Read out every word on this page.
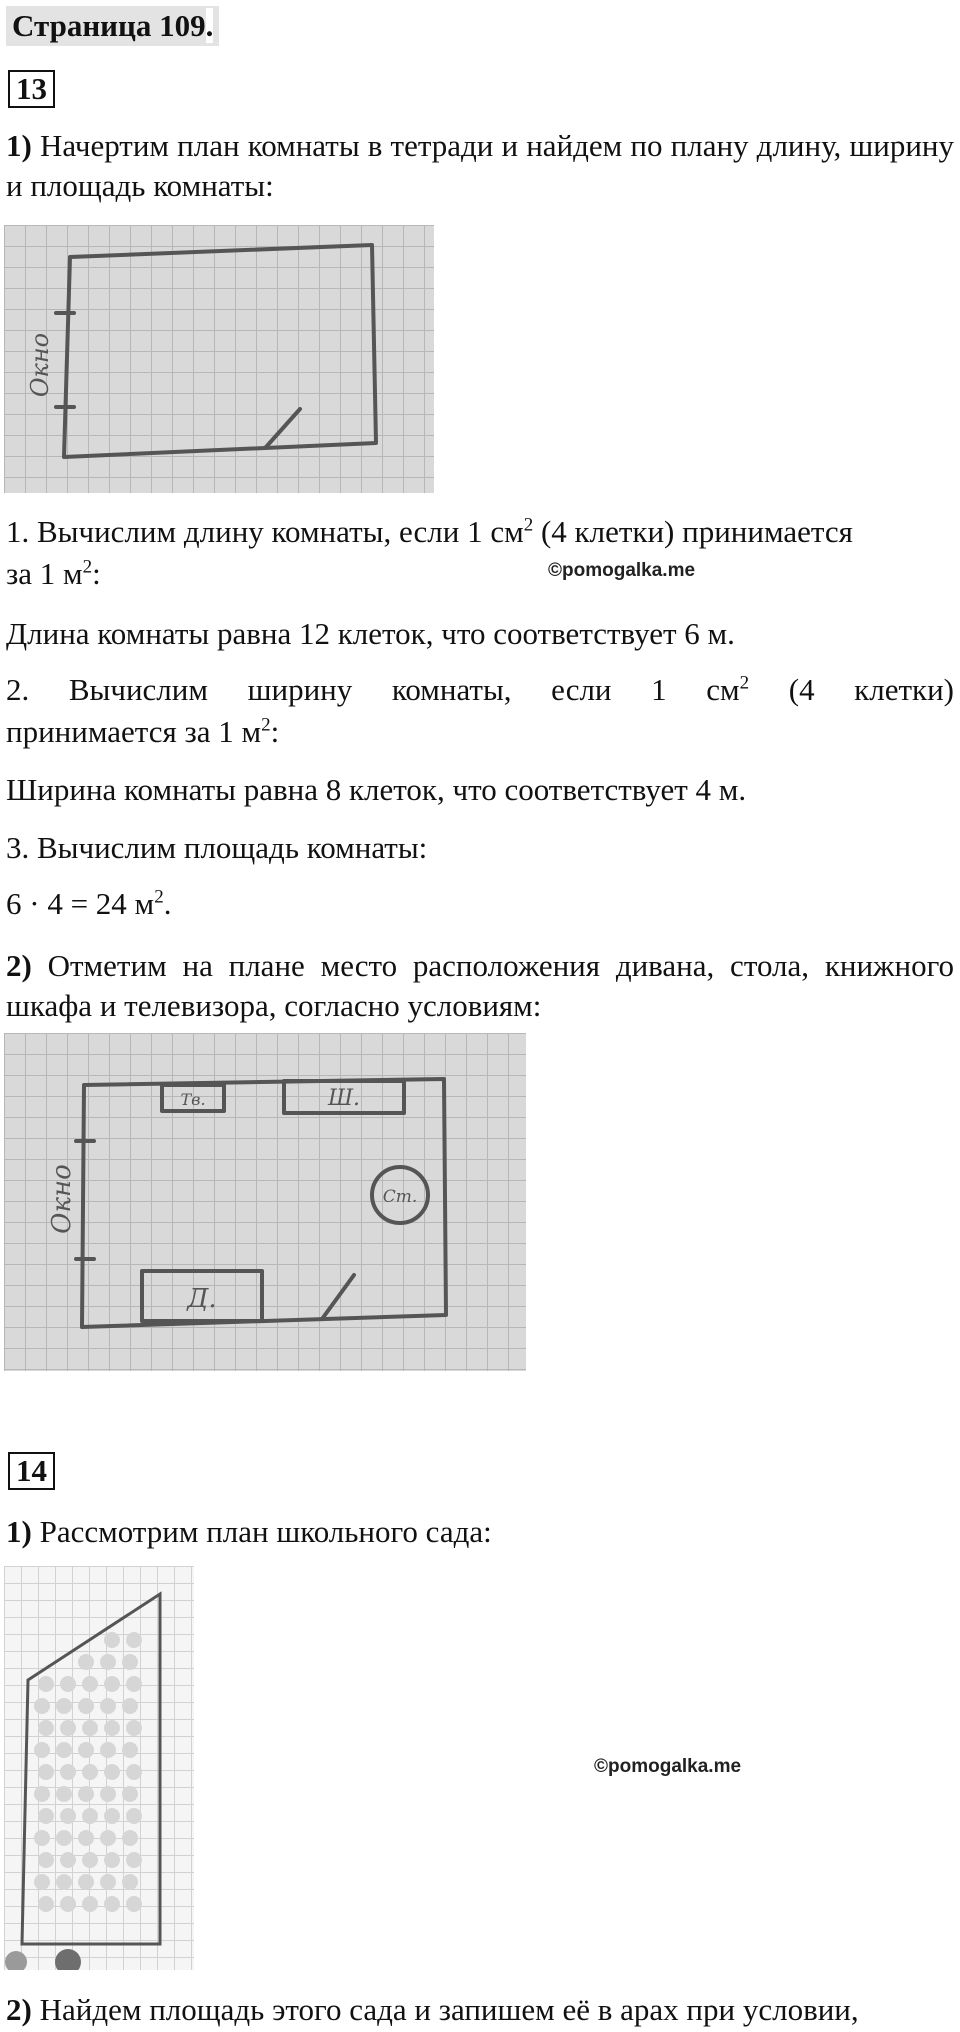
Страница 109.
13
1) Начертим план комнаты в тетради и найдем по плану длину, ширину и площадь комнаты:
Окно
1. Вычислим длину комнаты, если 1 $см^2$ (4 клетки) принимается
за 1 $м^2$:	©pomogalka.me
Длина комнаты равна 12 клеток, что соответствует 6 м.
2. Вычислим ширину комнаты, если 1 $см^2$ (4 клетки)
принимается за 1 $м^2$:
Ширина комнаты равна 8 клеток, что соответствует 4 м.
3. Вычислим площадь комнаты:
6 · 4 = 24 $м^2$.
2) Отметим на плане место расположения дивана, стола, книжного шкафа и телевизора, согласно условиям:
Окно
Тв.	Ш.
Ст.
Д.
14
1) Рассмотрим план школьного сада:
©pomogalka.me
2) Найдем площадь этого сада и запишем её в арах при условии,
